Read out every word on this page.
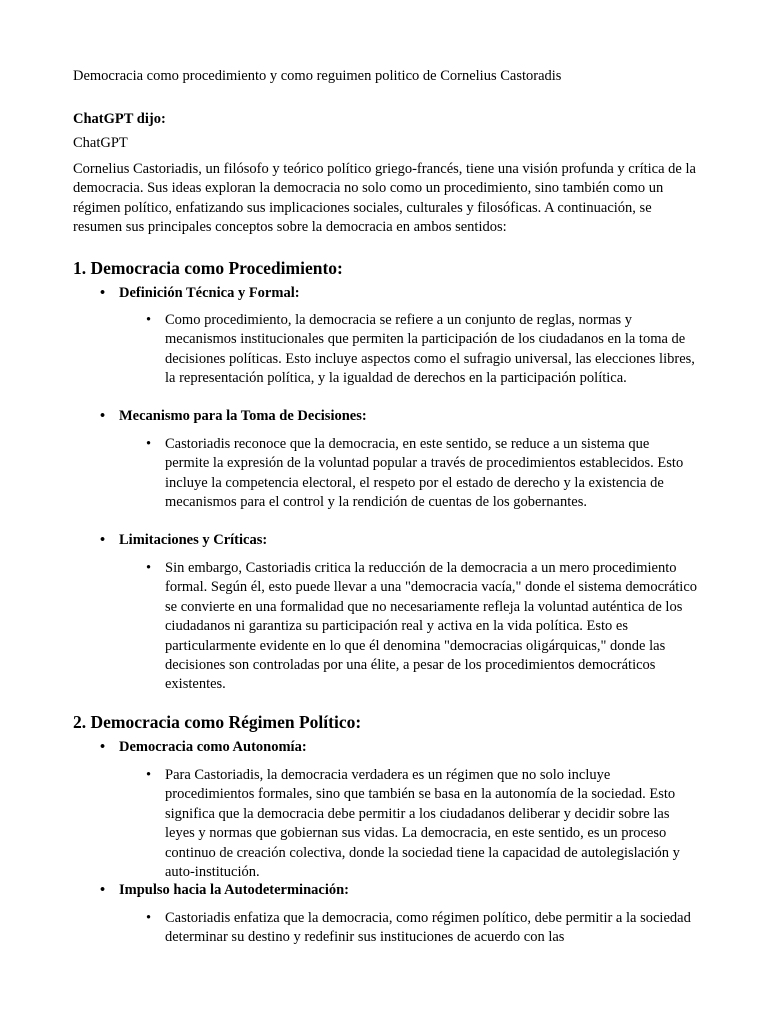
Democracia como procedimiento y como reguimen politico de Cornelius Castoradis

ChatGPT dijo:

ChatGPT

Cornelius Castoriadis, un filósofo y teórico político griego-francés, tiene una visión profunda y crítica de la democracia. Sus ideas exploran la democracia no solo como un procedimiento, sino también como un régimen político, enfatizando sus implicaciones sociales, culturales y filosóficas. A continuación, se resumen sus principales conceptos sobre la democracia en ambos sentidos:

1. Democracia como Procedimiento:

• Definición Técnica y Formal:

• Como procedimiento, la democracia se refiere a un conjunto de reglas, normas y mecanismos institucionales que permiten la participación de los ciudadanos en la toma de decisiones políticas. Esto incluye aspectos como el sufragio universal, las elecciones libres, la representación política, y la igualdad de derechos en la participación política.

• Mecanismo para la Toma de Decisiones:

• Castoriadis reconoce que la democracia, en este sentido, se reduce a un sistema que permite la expresión de la voluntad popular a través de procedimientos establecidos. Esto incluye la competencia electoral, el respeto por el estado de derecho y la existencia de mecanismos para el control y la rendición de cuentas de los gobernantes.

• Limitaciones y Críticas:

• Sin embargo, Castoriadis critica la reducción de la democracia a un mero procedimiento formal. Según él, esto puede llevar a una "democracia vacía," donde el sistema democrático se convierte en una formalidad que no necesariamente refleja la voluntad auténtica de los ciudadanos ni garantiza su participación real y activa en la vida política. Esto es particularmente evidente en lo que él denomina "democracias oligárquicas," donde las decisiones son controladas por una élite, a pesar de los procedimientos democráticos existentes.

2. Democracia como Régimen Político:

• Democracia como Autonomía:

• Para Castoriadis, la democracia verdadera es un régimen que no solo incluye procedimientos formales, sino que también se basa en la autonomía de la sociedad. Esto significa que la democracia debe permitir a los ciudadanos deliberar y decidir sobre las leyes y normas que gobiernan sus vidas. La democracia, en este sentido, es un proceso continuo de creación colectiva, donde la sociedad tiene la capacidad de autolegislación y auto-institución.

• Impulso hacia la Autodeterminación:

• Castoriadis enfatiza que la democracia, como régimen político, debe permitir a la sociedad determinar su destino y redefinir sus instituciones de acuerdo con las
